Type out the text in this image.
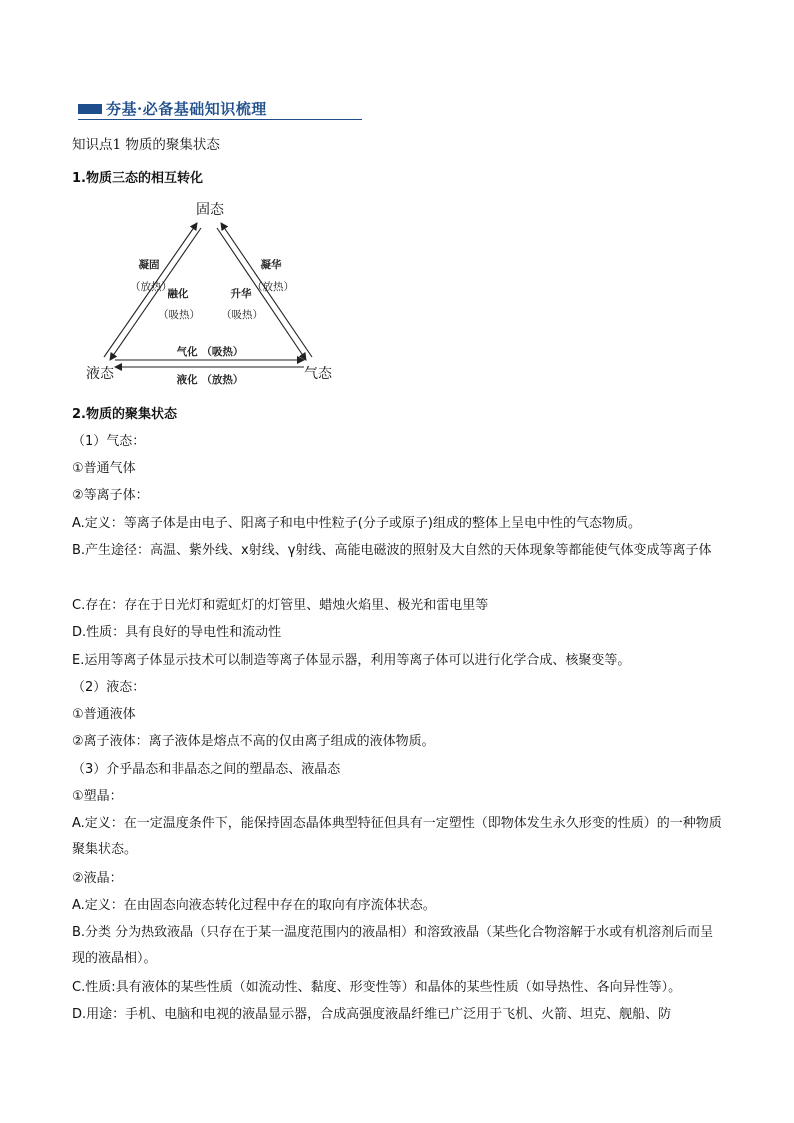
夯基·必备基础知识梳理
知识点1 物质的聚集状态
1.物质三态的相互转化
固态
液态	气态
凝固
（放热）
融化
（吸热）
升华
（吸热）
凝华
（放热）
气化 （吸热）
液化 （放热）
2.物质的聚集状态
（1）气态：
①普通气体
②等离子体：
A.定义：等离子体是由电子、阳离子和电中性粒子(分子或原子)组成的整体上呈电中性的气态物质。
B.产生途径：高温、紫外线、x射线、γ射线、高能电磁波的照射及大自然的天体现象等都能使气体变成等离子体
C.存在：存在于日光灯和霓虹灯的灯管里、蜡烛火焰里、极光和雷电里等
D.性质：具有良好的导电性和流动性
E.运用等离子体显示技术可以制造等离子体显示器，利用等离子体可以进行化学合成、核聚变等。
（2）液态：
①普通液体
②离子液体：离子液体是熔点不高的仅由离子组成的液体物质。
（3）介乎晶态和非晶态之间的塑晶态、液晶态
①塑晶：
A.定义：在一定温度条件下，能保持固态晶体典型特征但具有一定塑性（即物体发生永久形变的性质）的一种物质聚集状态。
②液晶：
A.定义：在由固态向液态转化过程中存在的取向有序流体状态。
B.分类 分为热致液晶（只存在于某一温度范围内的液晶相）和溶致液晶（某些化合物溶解于水或有机溶剂后而呈现的液晶相）。
C.性质:具有液体的某些性质（如流动性、黏度、形变性等）和晶体的某些性质（如导热性、各向异性等）。
D.用途：手机、电脑和电视的液晶显示器，合成高强度液晶纤维已广泛用于飞机、火箭、坦克、舰船、防
